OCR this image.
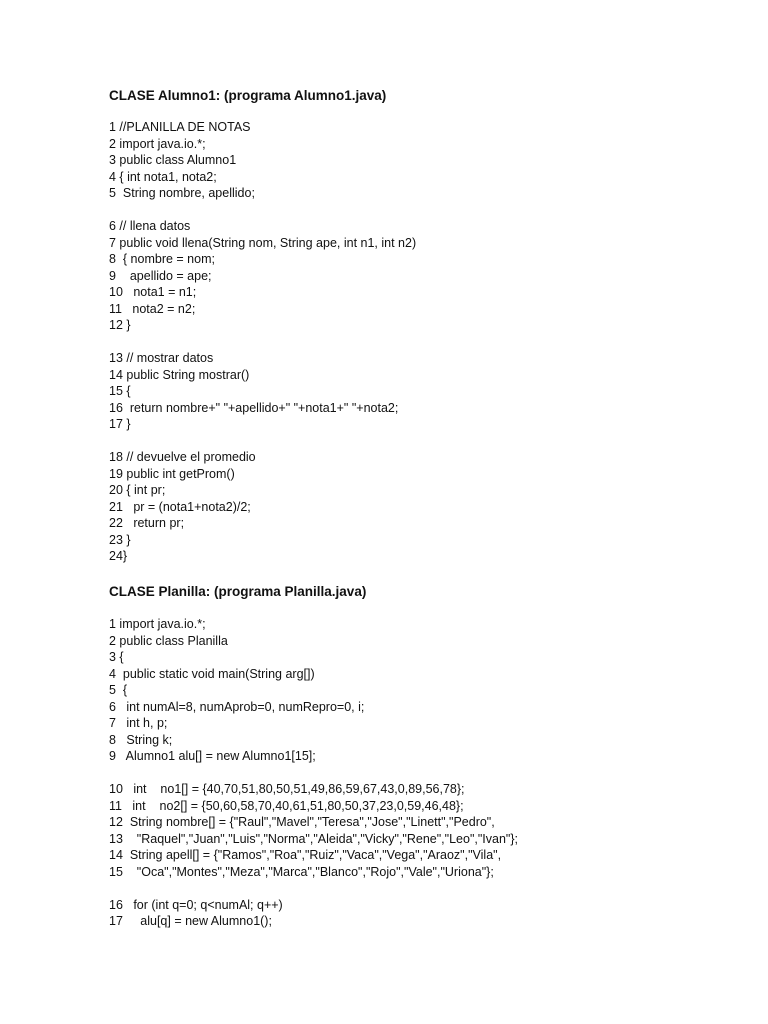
CLASE Alumno1: (programa Alumno1.java)
1 //PLANILLA DE NOTAS
2 import java.io.*;
3 public class Alumno1
4 { int nota1, nota2;
5  String nombre, apellido;
6 // llena datos
7 public void llena(String nom, String ape, int n1, int n2)
8  { nombre = nom;
9    apellido = ape;
10   nota1 = n1;
11   nota2 = n2;
12 }
13 // mostrar datos
14 public String mostrar()
15 {
16  return nombre+" "+apellido+" "+nota1+" "+nota2;
17 }
18 // devuelve el promedio
19 public int getProm()
20 { int pr;
21   pr = (nota1+nota2)/2;
22   return pr;
23 }
24}
CLASE Planilla: (programa Planilla.java)
1 import java.io.*;
2 public class Planilla
3 {
4  public static void main(String arg[])
5  {
6   int numAl=8, numAprob=0, numRepro=0, i;
7   int h, p;
8   String k;
9   Alumno1 alu[] = new Alumno1[15];
10   int    no1[] = {40,70,51,80,50,51,49,86,59,67,43,0,89,56,78};
11   int    no2[] = {50,60,58,70,40,61,51,80,50,37,23,0,59,46,48};
12  String nombre[] = {"Raul","Mavel","Teresa","Jose","Linett","Pedro",
13    "Raquel","Juan","Luis","Norma","Aleida","Vicky","Rene","Leo","Ivan"};
14  String apell[] = {"Ramos","Roa","Ruiz","Vaca","Vega","Araoz","Vila",
15    "Oca","Montes","Meza","Marca","Blanco","Rojo","Vale","Uriona"};
16   for (int q=0; q<numAl; q++)
17     alu[q] = new Alumno1();
